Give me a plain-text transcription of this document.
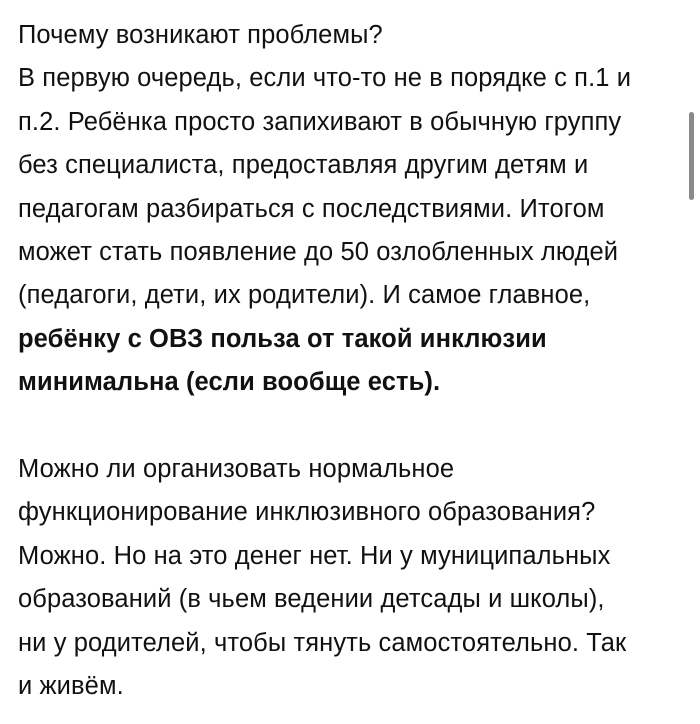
Почему возникают проблемы?
В первую очередь, если что-то не в порядке с п.1 и
п.2. Ребёнка просто запихивают в обычную группу
без специалиста, предоставляя другим детям и
педагогам разбираться с последствиями. Итогом
может стать появление до 50 озлобленных людей
(педагоги, дети, их родители). И самое главное,
ребёнку с ОВЗ польза от такой инклюзии
минимальна (если вообще есть).
Можно ли организовать нормальное
функционирование инклюзивного образования?
Можно. Но на это денег нет. Ни у муниципальных
образований (в чьем ведении детсады и школы),
ни у родителей, чтобы тянуть самостоятельно. Так
и живём.
